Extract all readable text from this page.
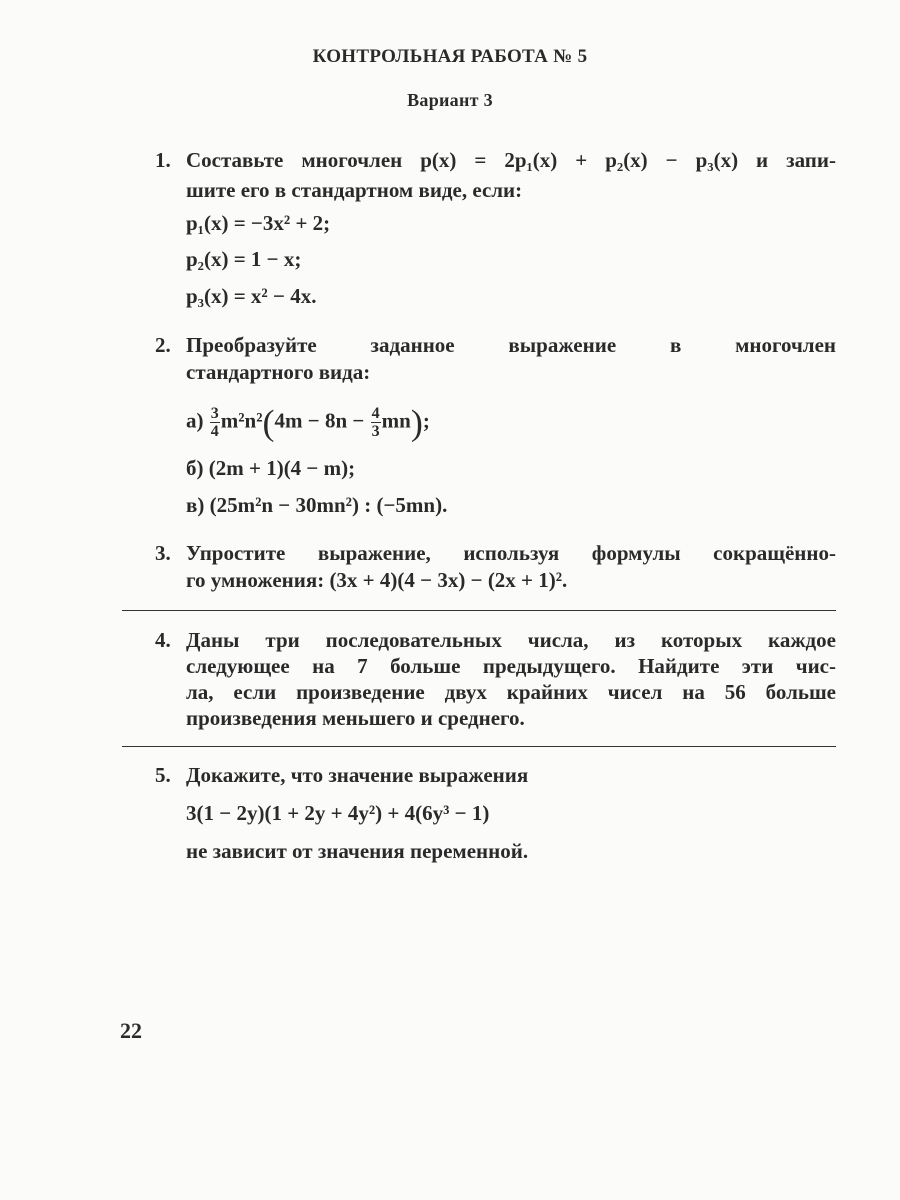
КОНТРОЛЬНАЯ РАБОТА № 5
Вариант 3
1. Составьте многочлен p(x) = 2p₁(x) + p₂(x) − p₃(x) и запи-
шите его в стандартном виде, если:
p₁(x) = −3x² + 2;
p₂(x) = 1 − x;
p₃(x) = x² − 4x.
2. Преобразуйте заданное выражение в многочлен
стандартного вида:
$а) \frac{3}{4} m^2n^2(4m - 8n - \frac{4}{3} mn)$;
б) (2m + 1)(4 − m);
в) (25m²n − 30mn²) : (−5mn).
3. Упростите выражение, используя формулы сокращённо-
го умножения: (3x + 4)(4 − 3x) − (2x + 1)².
4. Даны три последовательных числа, из которых каждое
следующее на 7 больше предыдущего. Найдите эти чис-
ла, если произведение двух крайних чисел на 56 больше
произведения меньшего и среднего.
5. Докажите, что значение выражения
3(1 − 2y)(1 + 2y + 4y²) + 4(6y³ − 1)
не зависит от значения переменной.
22
